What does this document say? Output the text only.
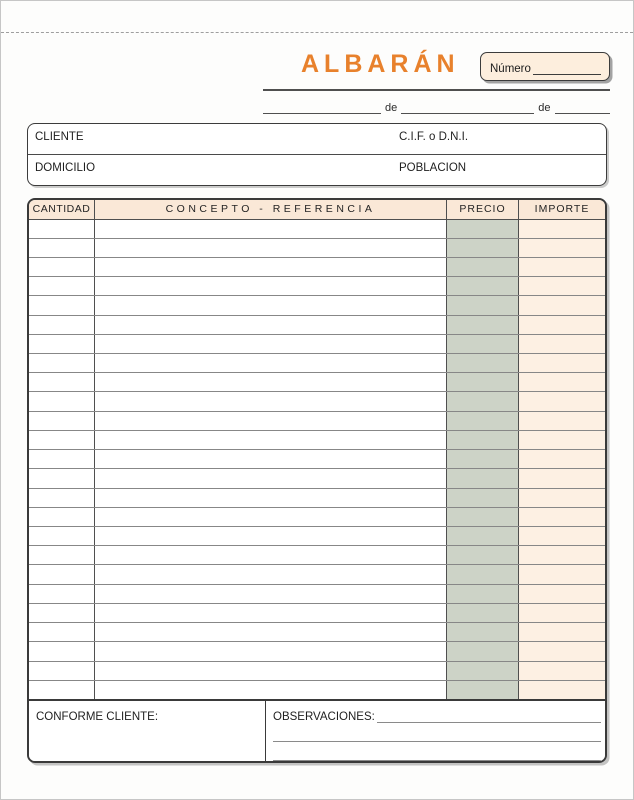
ALBARÁN	Número
de	de
CLIENTE	C.I.F. o D.N.I.
DOMICILIO	POBLACION
CANTIDAD	CONCEPTO - REFERENCIA	PRECIO	IMPORTE
CONFORME CLIENTE:	OBSERVACIONES:
